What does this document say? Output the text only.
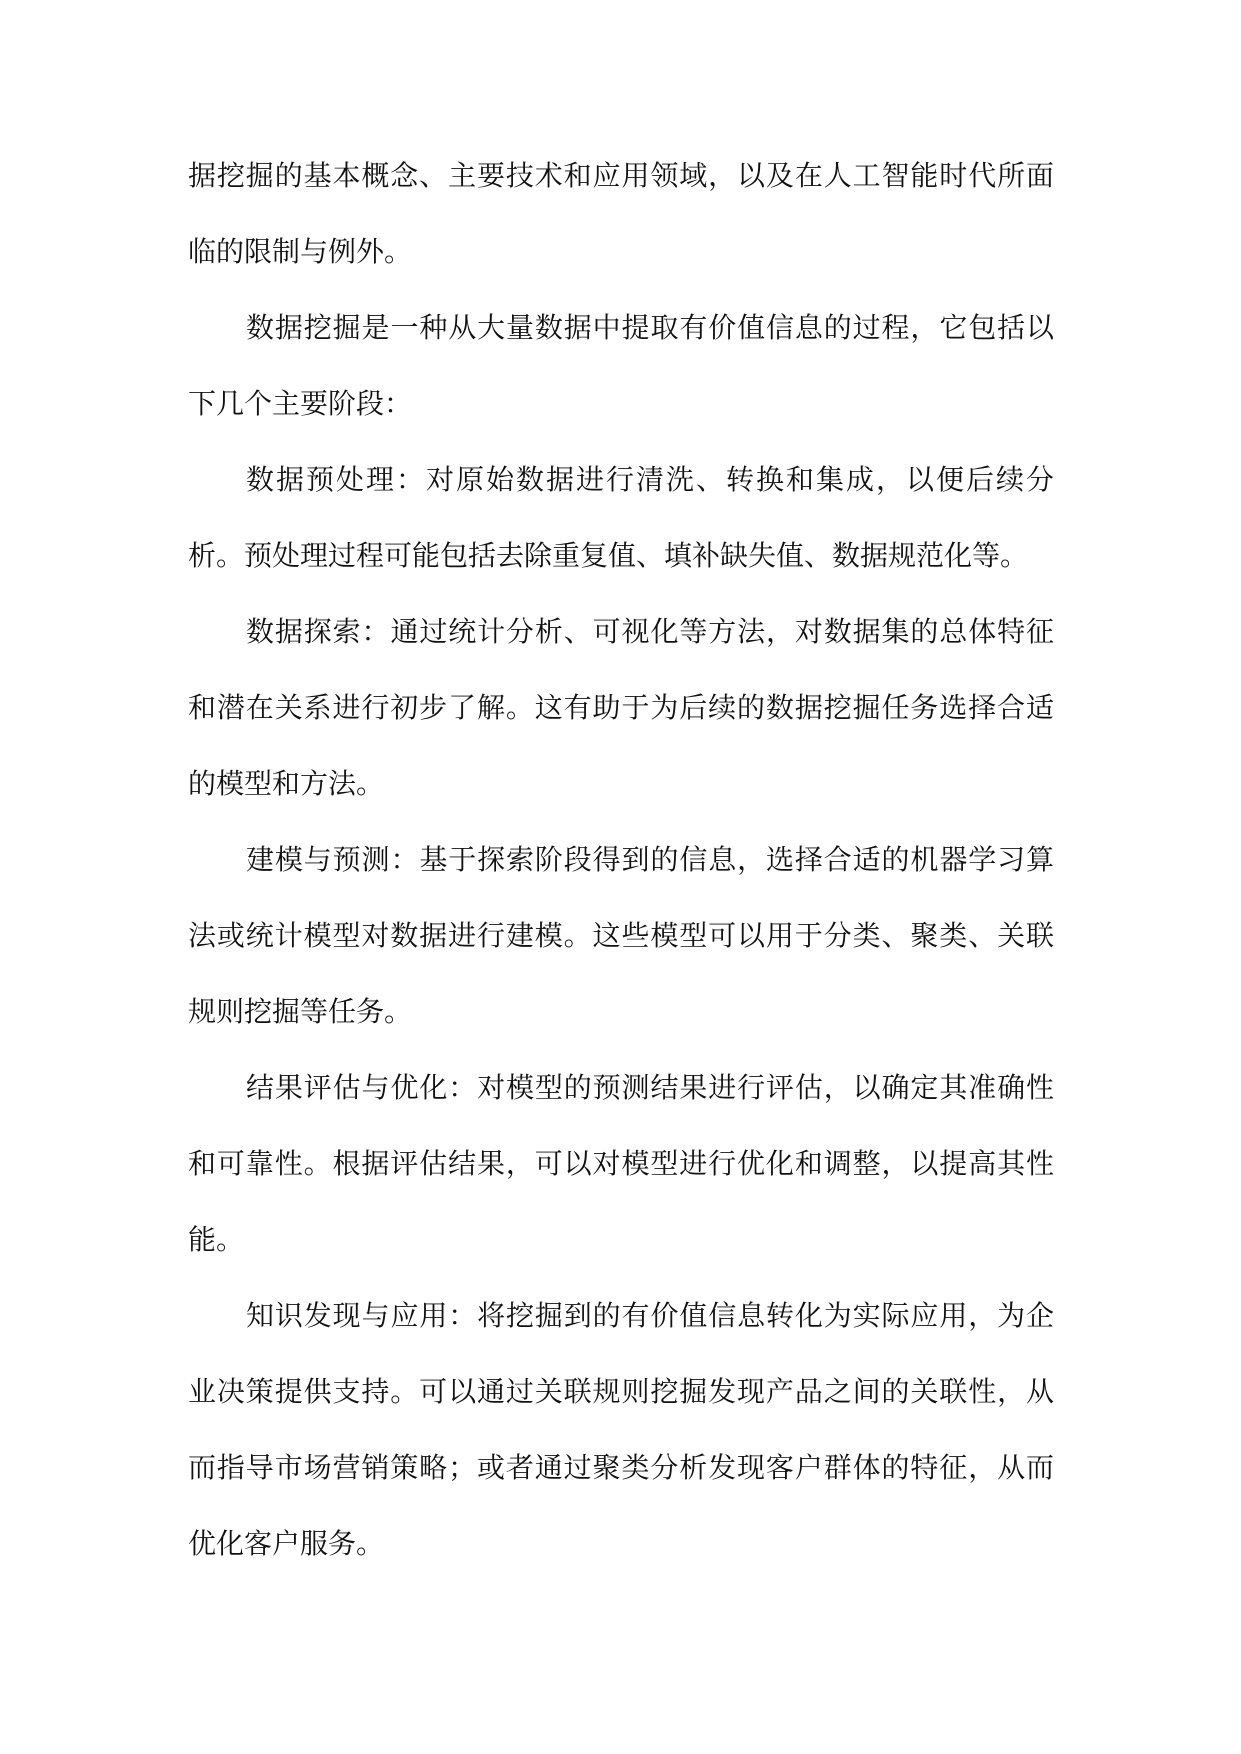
据挖掘的基本概念、主要技术和应用领域，以及在人工智能时代所面临的限制与例外。

数据挖掘是一种从大量数据中提取有价值信息的过程，它包括以下几个主要阶段：

数据预处理：对原始数据进行清洗、转换和集成，以便后续分析。预处理过程可能包括去除重复值、填补缺失值、数据规范化等。

数据探索：通过统计分析、可视化等方法，对数据集的总体特征和潜在关系进行初步了解。这有助于为后续的数据挖掘任务选择合适的模型和方法。

建模与预测：基于探索阶段得到的信息，选择合适的机器学习算法或统计模型对数据进行建模。这些模型可以用于分类、聚类、关联规则挖掘等任务。

结果评估与优化：对模型的预测结果进行评估，以确定其准确性和可靠性。根据评估结果，可以对模型进行优化和调整，以提高其性能。

知识发现与应用：将挖掘到的有价值信息转化为实际应用，为企业决策提供支持。可以通过关联规则挖掘发现产品之间的关联性，从而指导市场营销策略；或者通过聚类分析发现客户群体的特征，从而优化客户服务。
